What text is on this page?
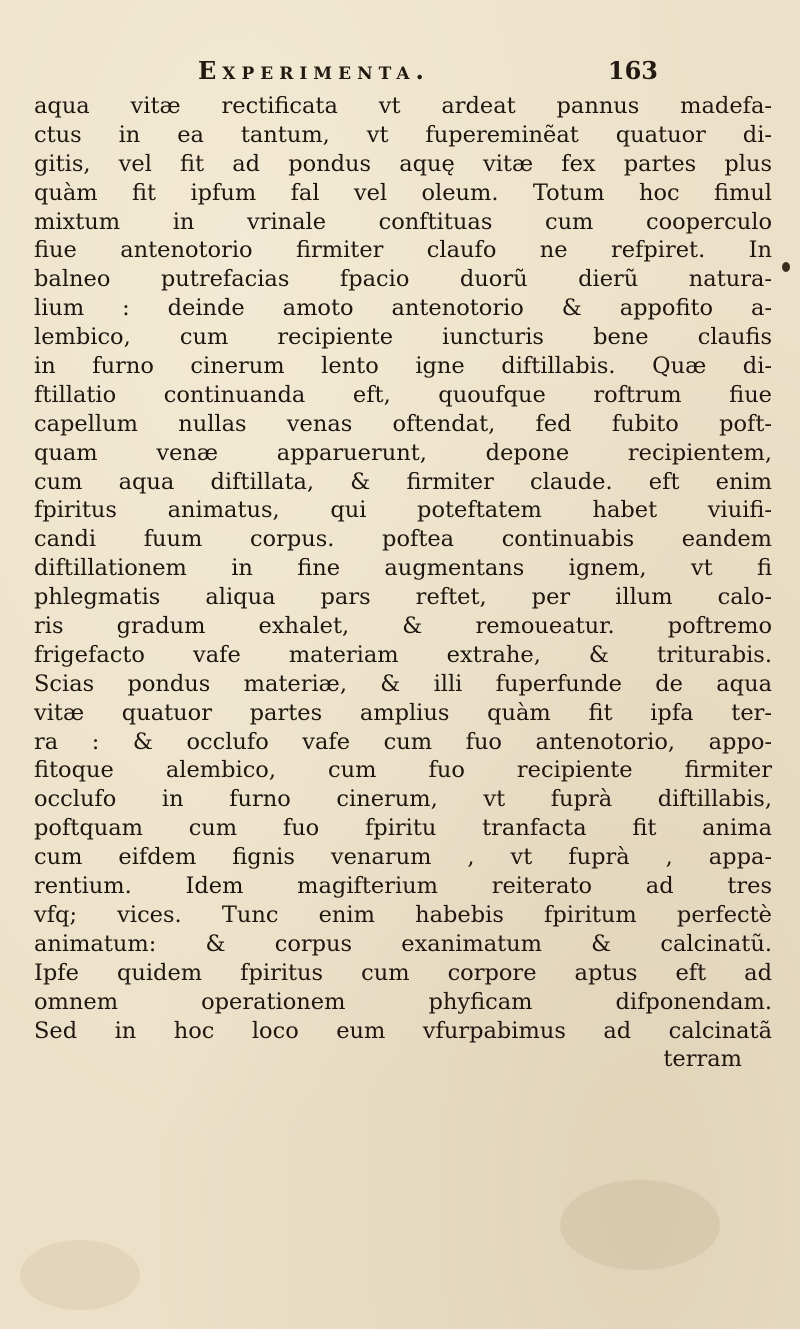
Experimenta.	163
aqua vitæ rectificata vt ardeat pannus madefa-
ctus in ea tantum, vt fupereminẽat quatuor di-
gitis, vel fit ad pondus aquę vitæ fex partes plus
quàm fit ipfum fal vel oleum. Totum hoc fimul
mixtum in vrinale conftituas cum cooperculo
fiue antenotorio firmiter claufo ne refpiret. In
balneo putrefacias fpacio duorũ dierũ natura-
lium : deinde amoto antenotorio & appofito a-
lembico, cum recipiente iuncturis bene claufis
in furno cinerum lento igne diftillabis. Quæ di-
ftillatio continuanda eft, quoufque roftrum fiue
capellum nullas venas oftendat, fed fubito poft-
quam venæ apparuerunt, depone recipientem,
cum aqua diftillata, & firmiter claude. eft enim
fpiritus animatus, qui poteftatem habet viuifi-
candi fuum corpus. poftea continuabis eandem
diftillationem in fine augmentans ignem, vt fi
phlegmatis aliqua pars reftet, per illum calo-
ris gradum exhalet, & remoueatur. poftremo
frigefacto vafe materiam extrahe, & triturabis.
Scias pondus materiæ, & illi fuperfunde de aqua
vitæ quatuor partes amplius quàm fit ipfa ter-
ra : & occlufo vafe cum fuo antenotorio, appo-
fitoque alembico, cum fuo recipiente firmiter
occlufo in furno cinerum, vt fuprà diftillabis,
poftquam cum fuo fpiritu tranfacta fit anima
cum eifdem fignis venarum , vt fuprà , appa-
rentium. Idem magifterium reiterato ad tres
vfq; vices. Tunc enim habebis fpiritum perfectè
animatum: & corpus exanimatum & calcinatũ.
Ipfe quidem fpiritus cum corpore aptus eft ad
omnem operationem phyficam difponendam.
Sed in hoc loco eum vfurpabimus ad calcinatã
terram
